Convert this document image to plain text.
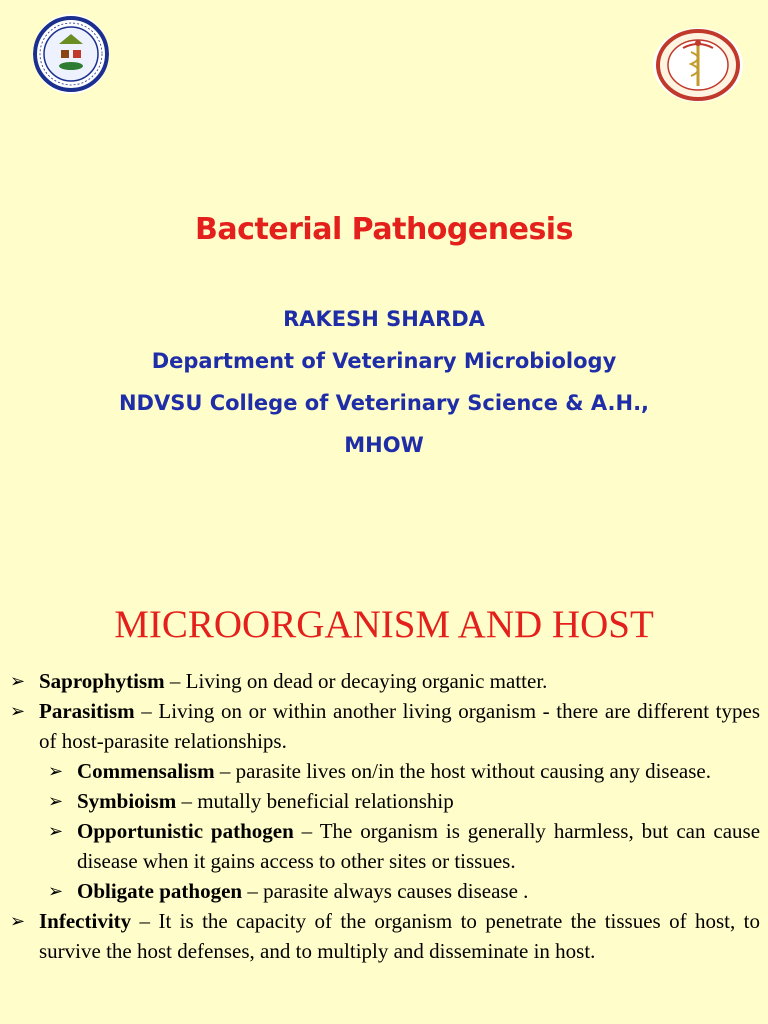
Bacterial Pathogenesis
RAKESH SHARDA
Department of Veterinary Microbiology
NDVSU College of Veterinary Science & A.H.,
MHOW
MICROORGANISM AND HOST
➢ Saprophytism – Living on dead or decaying organic matter.
➢ Parasitism – Living on or within another living organism - there are different types of host-parasite relationships.
➢ Commensalism – parasite lives on/in the host without causing any disease.
➢ Symbioism – mutally beneficial relationship
➢ Opportunistic pathogen – The organism is generally harmless, but can cause disease when it gains access to other sites or tissues.
➢ Obligate pathogen – parasite always causes disease .
➢ Infectivity – It is the capacity of the organism to penetrate the tissues of host, to survive the host defenses, and to multiply and disseminate in host.
